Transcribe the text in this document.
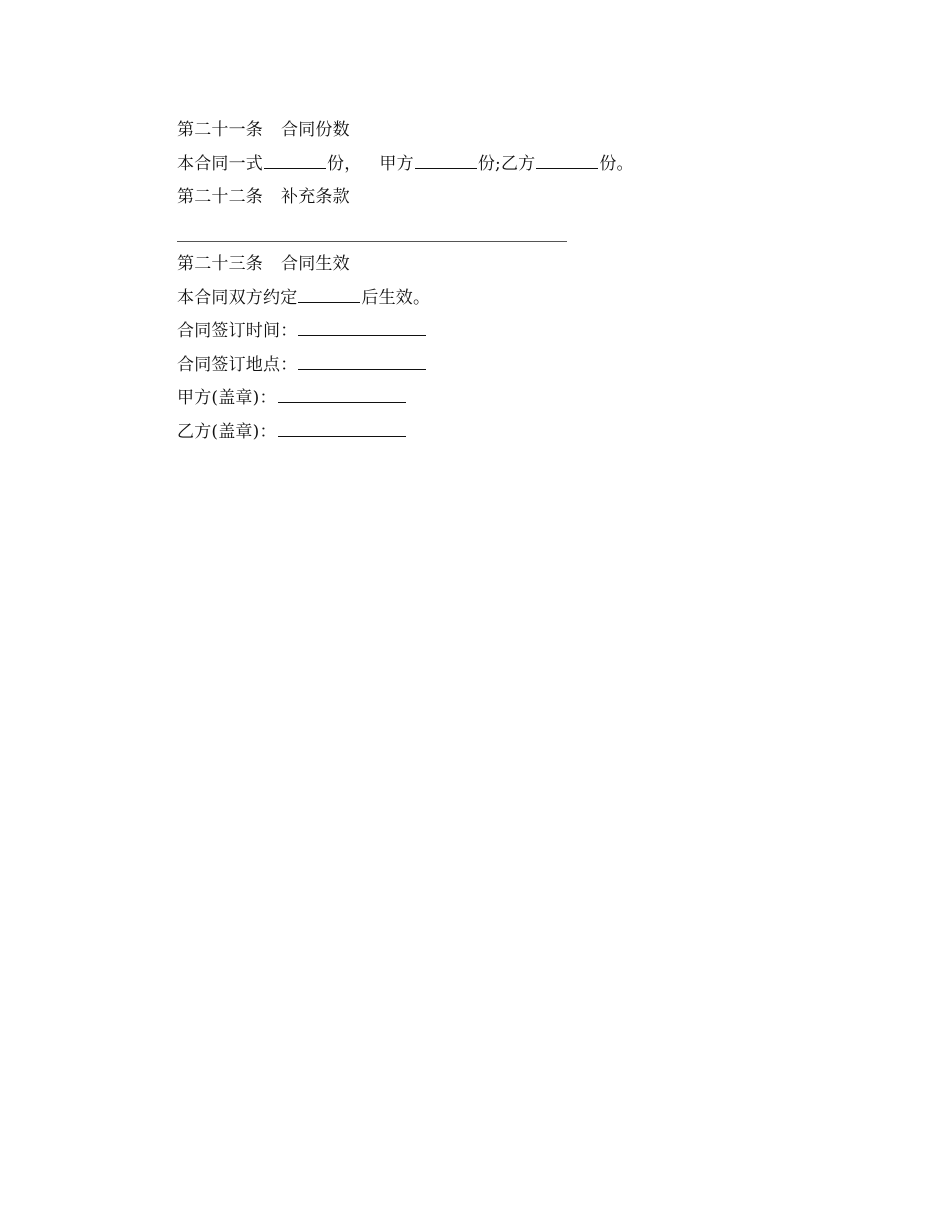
第二十一条 合同份数
本合同一式	份， 甲方	份;乙方	份。
第二十二条 补充条款
第二十三条 合同生效
本合同双方约定	后生效。
合同签订时间：
合同签订地点：
甲方(盖章)：
乙方(盖章)：
